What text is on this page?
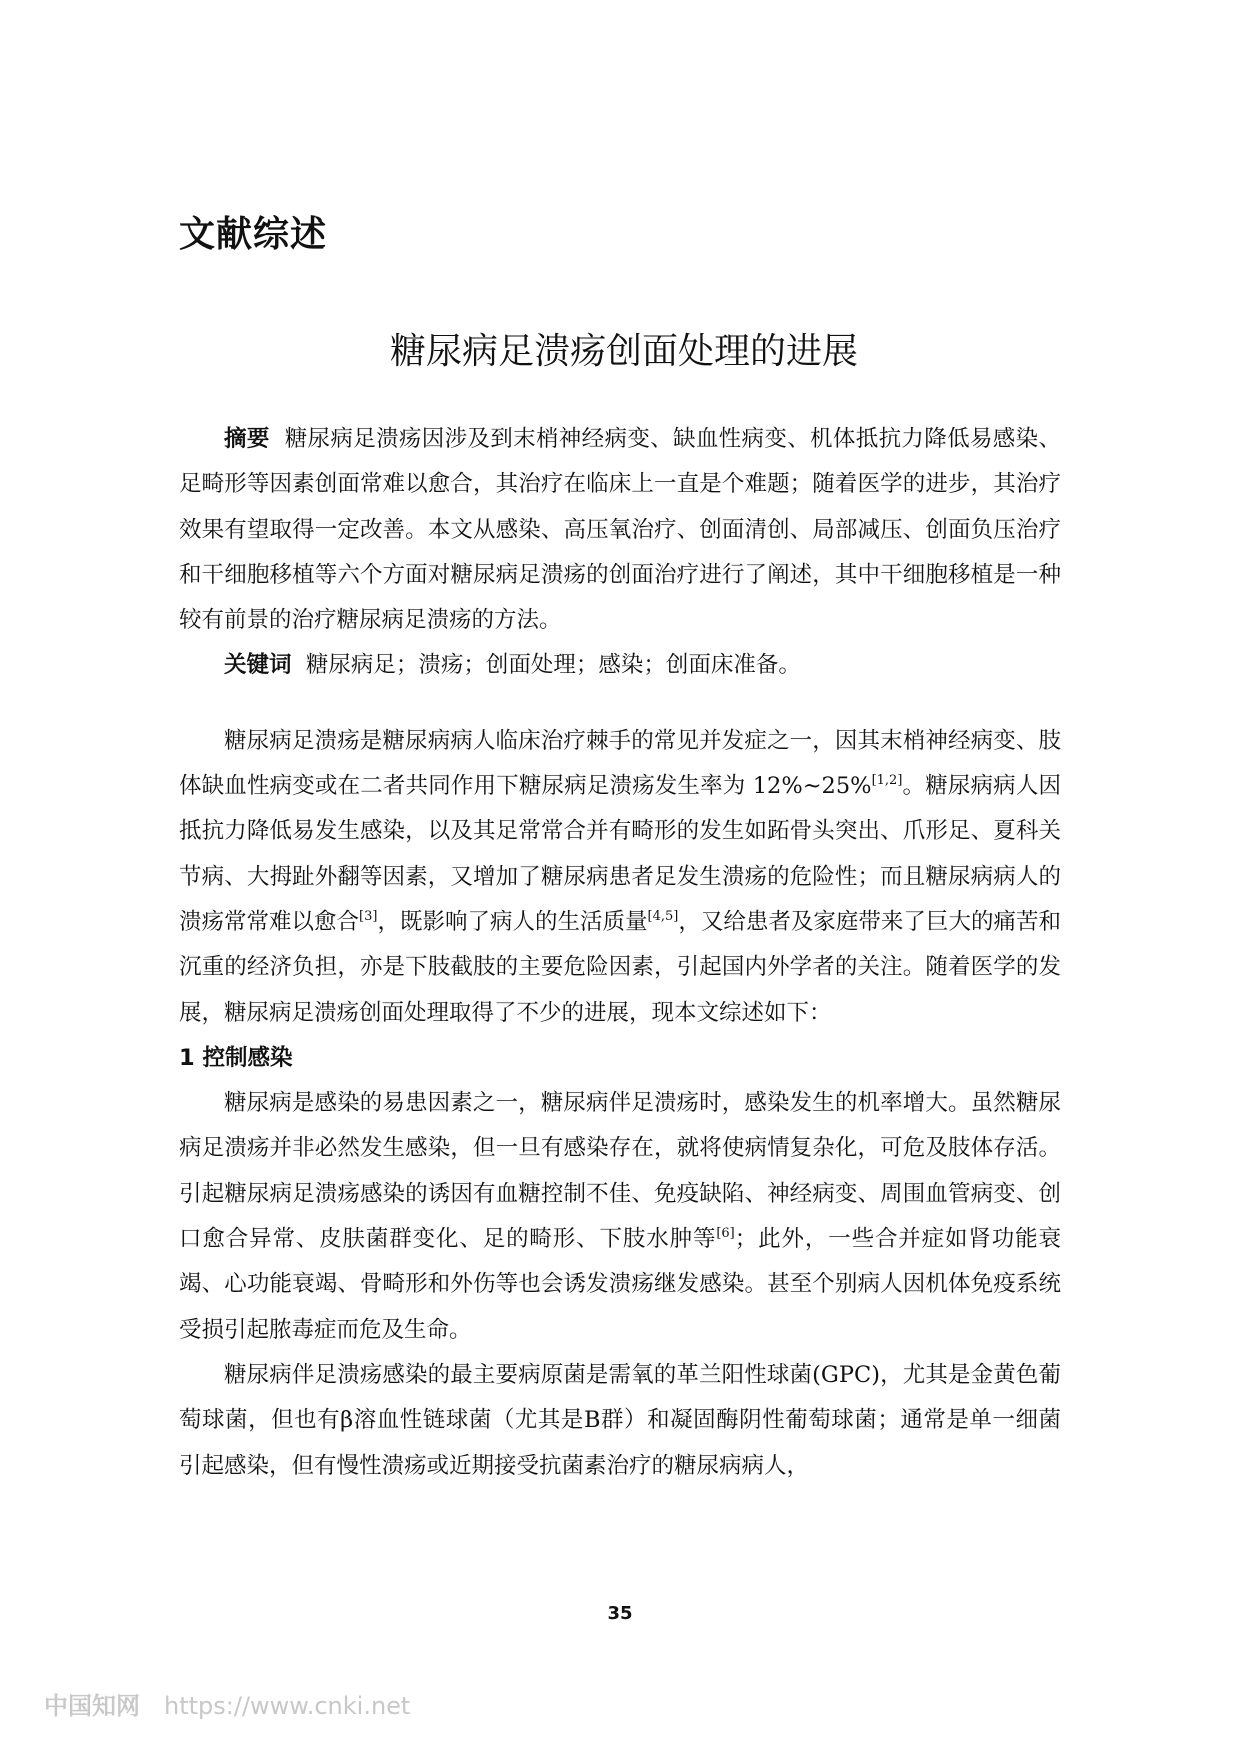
文献综述
糖尿病足溃疡创面处理的进展

摘要 糖尿病足溃疡因涉及到末梢神经病变、缺血性病变、机体抵抗力降低易感染、足畸形等因素创面常难以愈合，其治疗在临床上一直是个难题；随着医学的进步，其治疗效果有望取得一定改善。本文从感染、高压氧治疗、创面清创、局部减压、创面负压治疗和干细胞移植等六个方面对糖尿病足溃疡的创面治疗进行了阐述，其中干细胞移植是一种较有前景的治疗糖尿病足溃疡的方法。

关键词 糖尿病足；溃疡；创面处理；感染；创面床准备。

糖尿病足溃疡是糖尿病病人临床治疗棘手的常见并发症之一，因其末梢神经病变、肢体缺血性病变或在二者共同作用下糖尿病足溃疡发生率为 12%~25%[1,2]。糖尿病病人因抵抗力降低易发生感染，以及其足常常合并有畸形的发生如跖骨头突出、爪形足、夏科关节病、大拇趾外翻等因素，又增加了糖尿病患者足发生溃疡的危险性；而且糖尿病病人的溃疡常常难以愈合[3]，既影响了病人的生活质量[4,5]，又给患者及家庭带来了巨大的痛苦和沉重的经济负担，亦是下肢截肢的主要危险因素，引起国内外学者的关注。随着医学的发展，糖尿病足溃疡创面处理取得了不少的进展，现本文综述如下：

1 控制感染

糖尿病是感染的易患因素之一，糖尿病伴足溃疡时，感染发生的机率增大。虽然糖尿病足溃疡并非必然发生感染，但一旦有感染存在，就将使病情复杂化，可危及肢体存活。引起糖尿病足溃疡感染的诱因有血糖控制不佳、免疫缺陷、神经病变、周围血管病变、创口愈合异常、皮肤菌群变化、足的畸形、下肢水肿等[6]；此外，一些合并症如肾功能衰竭、心功能衰竭、骨畸形和外伤等也会诱发溃疡继发感染。甚至个别病人因机体免疫系统受损引起脓毒症而危及生命。

糖尿病伴足溃疡感染的最主要病原菌是需氧的革兰阳性球菌(GPC)，尤其是金黄色葡萄球菌，但也有β溶血性链球菌（尤其是B群）和凝固酶阴性葡萄球菌；通常是单一细菌引起感染，但有慢性溃疡或近期接受抗菌素治疗的糖尿病病人，

35
中国知网 https://www.cnki.net
